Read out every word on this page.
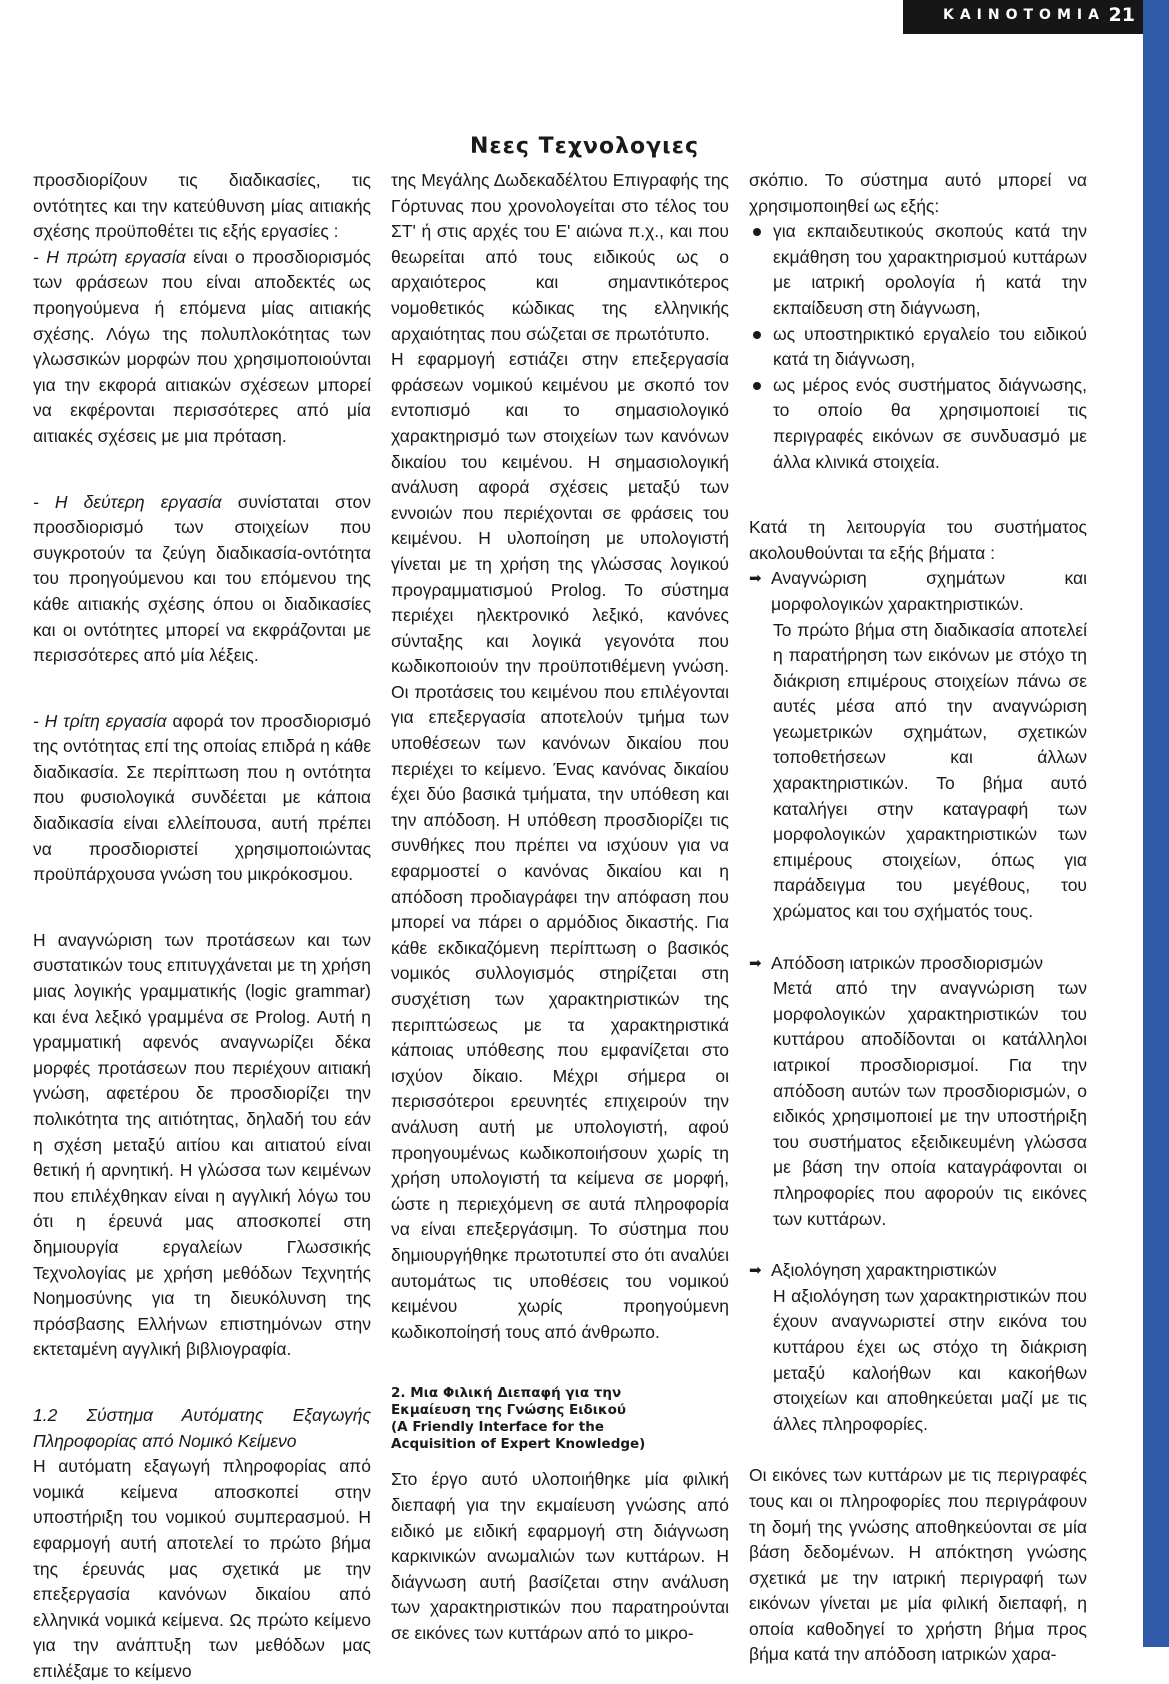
ΚΑΙΝΟΤΟΜΙΑ 21
Νεες Τεχνολογιες

προσδιορίζουν τις διαδικασίες, τις οντότητες και την κατεύθυνση μίας αιτιακής σχέσης προϋποθέτει τις εξής εργασίες :

- Η πρώτη εργασία είναι ο προσδιορισμός των φράσεων που είναι αποδεκτές ως προηγούμενα ή επόμενα μίας αιτιακής σχέσης. Λόγω της πολυπλοκότητας των γλωσσικών μορφών που χρησιμοποιούνται για την εκφορά αιτιακών σχέσεων μπορεί να εκφέρονται περισσότερες από μία αιτιακές σχέσεις με μια πρόταση.

- Η δεύτερη εργασία συνίσταται στον προσδιορισμό των στοιχείων που συγκροτούν τα ζεύγη διαδικασία-οντότητα του προηγούμενου και του επόμενου της κάθε αιτιακής σχέσης όπου οι διαδικασίες και οι οντότητες μπορεί να εκφράζονται με περισσότερες από μία λέξεις.

- Η τρίτη εργασία αφορά τον προσδιορισμό της οντότητας επί της οποίας επιδρά η κάθε διαδικασία. Σε περίπτωση που η οντότητα που φυσιολογικά συνδέεται με κάποια διαδικασία είναι ελλείπουσα, αυτή πρέπει να προσδιοριστεί χρησιμοποιώντας προϋπάρχουσα γνώση του μικρόκοσμου.

Η αναγνώριση των προτάσεων και των συστατικών τους επιτυγχάνεται με τη χρήση μιας λογικής γραμματικής (logic grammar) και ένα λεξικό γραμμένα σε Prolog. Αυτή η γραμματική αφενός αναγνωρίζει δέκα μορφές προτάσεων που περιέχουν αιτιακή γνώση, αφετέρου δε προσδιορίζει την πολικότητα της αιτιότητας, δηλαδή του εάν η σχέση μεταξύ αιτίου και αιτιατού είναι θετική ή αρνητική. Η γλώσσα των κειμένων που επιλέχθηκαν είναι η αγγλική λόγω του ότι η έρευνά μας αποσκοπεί στη δημιουργία εργαλείων Γλωσσικής Τεχνολογίας με χρήση μεθόδων Τεχνητής Νοημοσύνης για τη διευκόλυνση της πρόσβασης Ελλήνων επιστημόνων στην εκτεταμένη αγγλική βιβλιογραφία.

1.2 Σύστημα Αυτόματης Εξαγωγής Πληροφορίας από Νομικό Κείμενο

Η αυτόματη εξαγωγή πληροφορίας από νομικά κείμενα αποσκοπεί στην υποστήριξη του νομικού συμπερασμού. Η εφαρμογή αυτή αποτελεί το πρώτο βήμα της έρευνάς μας σχετικά με την επεξεργασία κανόνων δικαίου από ελληνικά νομικά κείμενα. Ως πρώτο κείμενο για την ανάπτυξη των μεθόδων μας επιλέξαμε το κείμενο

της Μεγάλης Δωδεκαδέλτου Επιγραφής της Γόρτυνας που χρονολογείται στο τέλος του ΣΤ' ή στις αρχές του Ε' αιώνα π.χ., και που θεωρείται από τους ειδικούς ως ο αρχαιότερος και σημαντικότερος νομοθετικός κώδικας της ελληνικής αρχαιότητας που σώζεται σε πρωτότυπο.

Η εφαρμογή εστιάζει στην επεξεργασία φράσεων νομικού κειμένου με σκοπό τον εντοπισμό και το σημασιολογικό χαρακτηρισμό των στοιχείων των κανόνων δικαίου του κειμένου. Η σημασιολογική ανάλυση αφορά σχέσεις μεταξύ των εννοιών που περιέχονται σε φράσεις του κειμένου. Η υλοποίηση με υπολογιστή γίνεται με τη χρήση της γλώσσας λογικού προγραμματισμού Prolog. Το σύστημα περιέχει ηλεκτρονικό λεξικό, κανόνες σύνταξης και λογικά γεγονότα που κωδικοποιούν την προϋποτιθέμενη γνώση. Οι προτάσεις του κειμένου που επιλέγονται για επεξεργασία αποτελούν τμήμα των υποθέσεων των κανόνων δικαίου που περιέχει το κείμενο. Ένας κανόνας δικαίου έχει δύο βασικά τμήματα, την υπόθεση και την απόδοση. Η υπόθεση προσδιορίζει τις συνθήκες που πρέπει να ισχύουν για να εφαρμοστεί ο κανόνας δικαίου και η απόδοση προδιαγράφει την απόφαση που μπορεί να πάρει ο αρμόδιος δικαστής. Για κάθε εκδικαζόμενη περίπτωση ο βασικός νομικός συλλογισμός στηρίζεται στη συσχέτιση των χαρακτηριστικών της περιπτώσεως με τα χαρακτηριστικά κάποιας υπόθεσης που εμφανίζεται στο ισχύον δίκαιο. Μέχρι σήμερα οι περισσότεροι ερευνητές επιχειρούν την ανάλυση αυτή με υπολογιστή, αφού προηγουμένως κωδικοποιήσουν χωρίς τη χρήση υπολογιστή τα κείμενα σε μορφή, ώστε η περιεχόμενη σε αυτά πληροφορία να είναι επεξεργάσιμη. Το σύστημα που δημιουργήθηκε πρωτοτυπεί στο ότι αναλύει αυτομάτως τις υποθέσεις του νομικού κειμένου χωρίς προηγούμενη κωδικοποίησή τους από άνθρωπο.

2. Μια Φιλική Διεπαφή για την

Εκμαίευση της Γνώσης Ειδικού

(A Friendly Interface for the

Acquisition of Expert Knowledge)

Στο έργο αυτό υλοποιήθηκε μία φιλική διεπαφή για την εκμαίευση γνώσης από ειδικό με ειδική εφαρμογή στη διάγνωση καρκινικών ανωμαλιών των κυττάρων. Η διάγνωση αυτή βασίζεται στην ανάλυση των χαρακτηριστικών που παρατηρούνται σε εικόνες των κυττάρων από το μικρο-

σκόπιο. Το σύστημα αυτό μπορεί να χρησιμοποιηθεί ως εξής:

για εκπαιδευτικούς σκοπούς κατά την εκμάθηση του χαρακτηρισμού κυττάρων με ιατρική ορολογία ή κατά την εκπαίδευση στη διάγνωση,
ως υποστηρικτικό εργαλείο του ειδικού κατά τη διάγνωση,
ως μέρος ενός συστήματος διάγνωσης, το οποίο θα χρησιμοποιεί τις περιγραφές εικόνων σε συνδυασμό με άλλα κλινικά στοιχεία.

Κατά τη λειτουργία του συστήματος ακολουθούνται τα εξής βήματα :

➡ Αναγνώριση σχημάτων και μορφολογικών χαρακτηριστικών.

Το πρώτο βήμα στη διαδικασία αποτελεί η παρατήρηση των εικόνων με στόχο τη διάκριση επιμέρους στοιχείων πάνω σε αυτές μέσα από την αναγνώριση γεωμετρικών σχημάτων, σχετικών τοποθετήσεων και άλλων χαρακτηριστικών. Το βήμα αυτό καταλήγει στην καταγραφή των μορφολογικών χαρακτηριστικών των επιμέρους στοιχείων, όπως για παράδειγμα του μεγέθους, του χρώματος και του σχήματός τους.

➡ Απόδοση ιατρικών προσδιορισμών

Μετά από την αναγνώριση των μορφολογικών χαρακτηριστικών του κυττάρου αποδίδονται οι κατάλληλοι ιατρικοί προσδιορισμοί. Για την απόδοση αυτών των προσδιορισμών, ο ειδικός χρησιμοποιεί με την υποστήριξη του συστήματος εξειδικευμένη γλώσσα με βάση την οποία καταγράφονται οι πληροφορίες που αφορούν τις εικόνες των κυττάρων.

➡ Αξιολόγηση χαρακτηριστικών

Η αξιολόγηση των χαρακτηριστικών που έχουν αναγνωριστεί στην εικόνα του κυττάρου έχει ως στόχο τη διάκριση μεταξύ καλοήθων και κακοήθων στοιχείων και αποθηκεύεται μαζί με τις άλλες πληροφορίες.

Οι εικόνες των κυττάρων με τις περιγραφές τους και οι πληροφορίες που περιγράφουν τη δομή της γνώσης αποθηκεύονται σε μία βάση δεδομένων. Η απόκτηση γνώσης σχετικά με την ιατρική περιγραφή των εικόνων γίνεται με μία φιλική διεπαφή, η οποία καθοδηγεί το χρήστη βήμα προς βήμα κατά την απόδοση ιατρικών χαρα-
